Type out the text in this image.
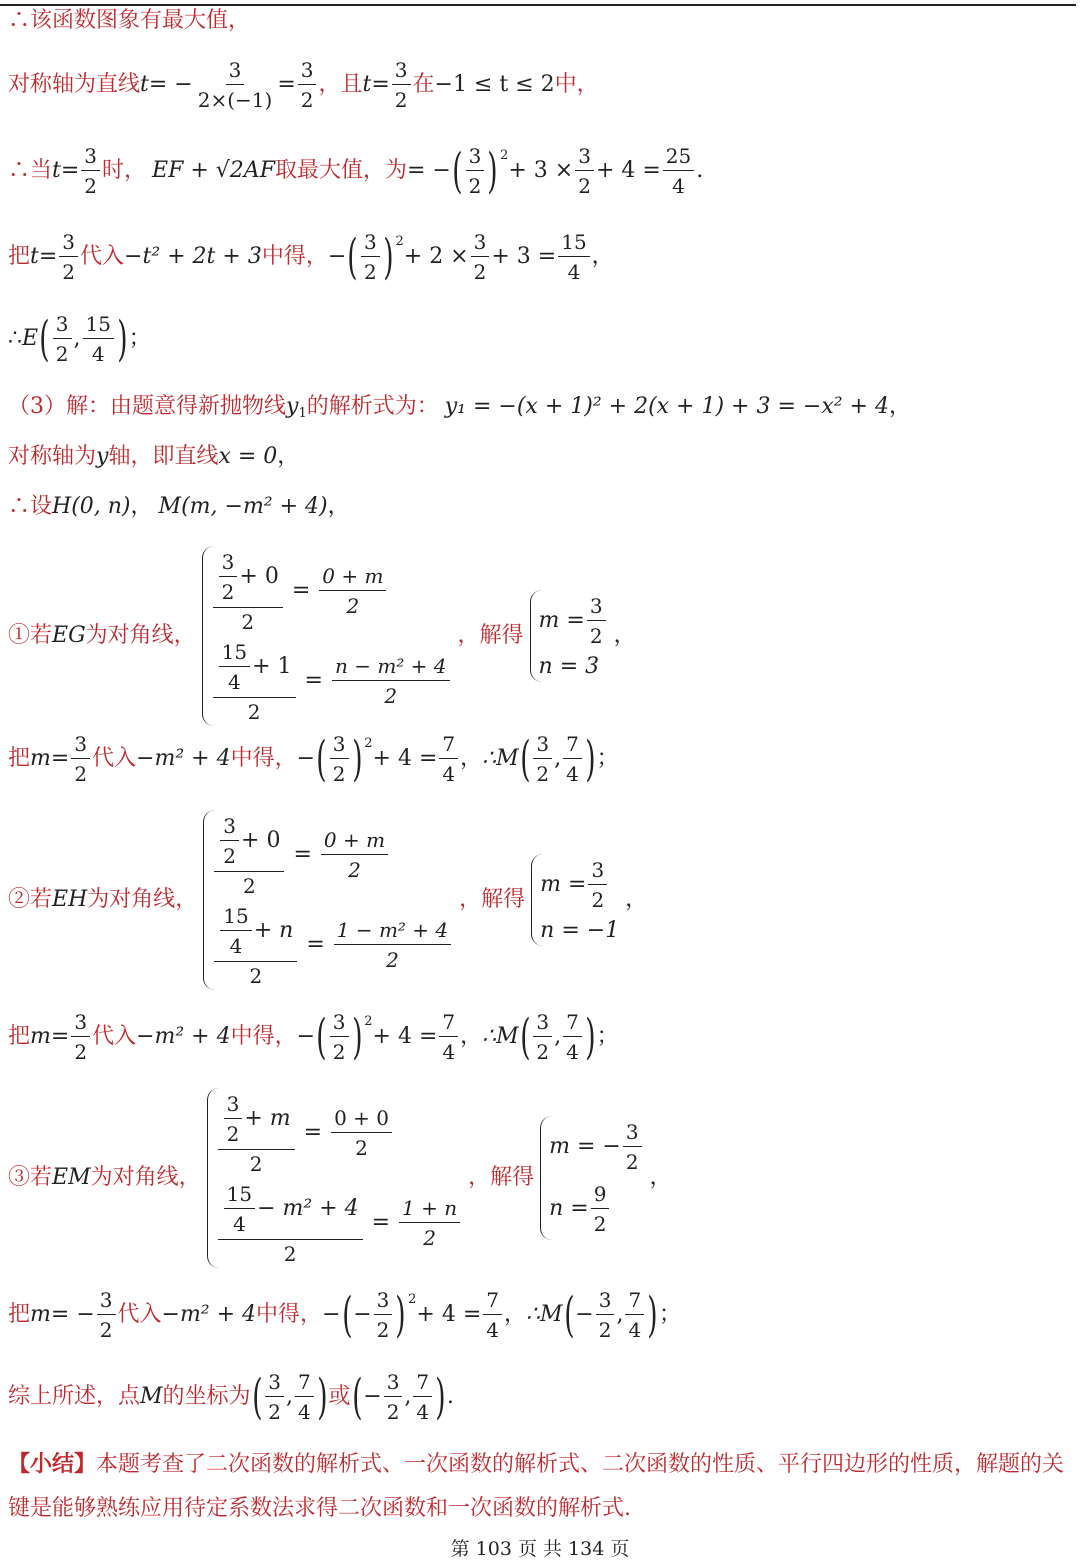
∴该函数图象有最大值，
对称轴为直线 t = − $\frac{3}{2\times(-1)} = \frac{3}{2}$ ，且 $t = \frac{3}{2}$ 在 −1 ≤ t ≤ 2 中，
∴当 $t = \frac{3}{2}$ 时， EF + √2AF 取最大值，为 = − ( $\frac{3}{2}$ ) 2
+ $3 \times \frac{3}{2} + 4 = \frac{25}{4}$ .
把 $t = \frac{3}{2}$ 代入 −t² + 2t + 3 中得， − ( $\frac{3}{2}$ ) 2
+ $2 \times \frac{3}{2} + 3 = \frac{15}{4}$ ，
∴ E ( $\frac{3}{2}$ , $\frac{15}{4}$ ) ；
（3）解：由题意得新抛物线 y 1 的解析式为： y₁ = −(x + 1)² + 2(x + 1) + 3 = −x² + 4 ，
对称轴为 y 轴，即直线 x = 0 ，
∴设 H(0, n) ， M(m, −m² + 4) ，
①若 EG 为对角线，
$\frac{\frac{3}{2} + 0}{2} = \frac{0 + m}{2}$
$\frac{\frac{15}{4} + 1}{2} = \frac{\text{n − m² + 4}}{2}$
，解得
$m = \frac{3}{2}$
n = 3
，
把 $m = \frac{3}{2}$ 代入 −m² + 4 中得， − ( $\frac{3}{2}$ ) 2
+ $4 = \frac{7}{4}$ ， ∴M ( $\frac{3}{2}$ , $\frac{7}{4}$ ) ；
②若 EH 为对角线，
$\frac{\frac{3}{2} + 0}{2} = \frac{0 + m}{2}$
$\frac{\frac{15}{4} + n}{2} = \frac{\text{1 − m² + 4}}{2}$
，解得
$m = \frac{3}{2}$
n = −1
，
把 $m = \frac{3}{2}$ 代入 −m² + 4 中得， − ( $\frac{3}{2}$ ) 2
+ $4 = \frac{7}{4}$ ， ∴M ( $\frac{3}{2}$ , $\frac{7}{4}$ ) ；
③若 EM 为对角线，
$\frac{\frac{3}{2} + m}{2} = \frac{0 + 0}{2}$
$\frac{\frac{15}{4} - m^2 + 4}{2} = \frac{1 + n}{2}$
，解得
m = − $\frac{3}{2}$
$n = \frac{9}{2}$
，
把 m = − $\frac{3}{2}$ 代入 −m² + 4 中得， − ( − $\frac{3}{2}$ ) 2
+ $4 = \frac{7}{4}$ ， ∴M ( − $\frac{3}{2}$ , $\frac{7}{4}$ ) ；
综上所述，点 M 的坐标为 ( $\frac{3}{2}$ , $\frac{7}{4}$ ) 或 ( − $\frac{3}{2}$ , $\frac{7}{4}$ ) .
【小结】本题考查了二次函数的解析式、一次函数的解析式、二次函数的性质、平行四边形的性质，解题的关键是能够熟练应用待定系数法求得二次函数和一次函数的解析式.
第 103 页 共 134 页
